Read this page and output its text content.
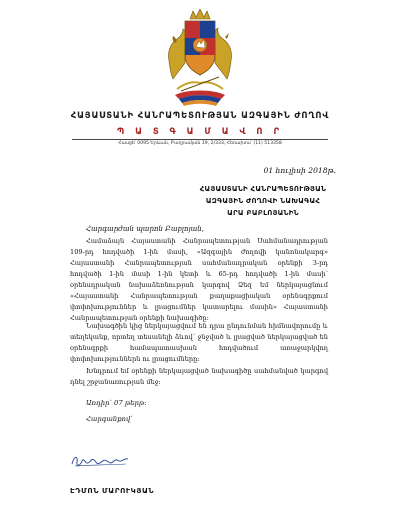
ՀԱՅԱՍՏԱՆԻ ՀԱՆՐԱՊԵՏՈՒԹՅԱՆ ԱԶԳԱՅԻՆ ԺՈՂՈՎ
Պ Ա Տ Գ Ա Մ Ա Վ Ո Ր
Հասցե՝ 0095 Երևան, Բաղրամյան 19, 2/333, Հեռախոս՝ (11) 513358
01 հուլիսի 2018թ.
ՀԱՅԱՍՏԱՆԻ ՀԱՆՐԱՊԵՏՈՒԹՅԱՆ
ԱԶԳԱՅԻՆ ԺՈՂՈՎԻ ՆԱԽԱԳԱՀ
ԱՐԱ ԲԱԲԼՈՅԱՆԻՆ
Հարգարժան պարոն Բաբլոյան,

Համաձայն Հայաստանի Հանրապետության Սահմանադրության 109-րդ հոդվածի 1-ին մասի, «Ազգային ժողովի կանոնակարգ» Հայաստանի Հանրապետության սահմանադրական օրենքի 3-րդ հոդվածի 1-ին մասի 1-ին կետի և 65-րդ հոդվածի 1-ին մասի՝ օրենսդրական նախաձեռնության կարգով Ձեզ եմ ներկայացնում «Հայաստանի Հանրապետության քաղաքացիական օրենսգրքում փոփոխություններ և լրացումներ կատարելու մասին» Հայաստանի Հանրապետության օրենքի նախագիծը:

Նախագծին կից ներկայացվում են դրա ընդունման հիմնավորումը և տեղեկանք, որտեղ տեսանելի ձևով՝ ջնջված և լրացված ներկայացված են օրենսգրքի համապատասխան հոդվածում առաջարկվող փոփոխություններն ու լրացումները:

Խնդրում եմ օրենքի ներկայացված նախագիծը սահմանված կարգով դնել շրջանառության մեջ:

Առդիր՝ 07 թերթ:
Հարգանքով՝
ԷԴՄՈՆ ՄԱՐՈՒԿՅԱՆ
